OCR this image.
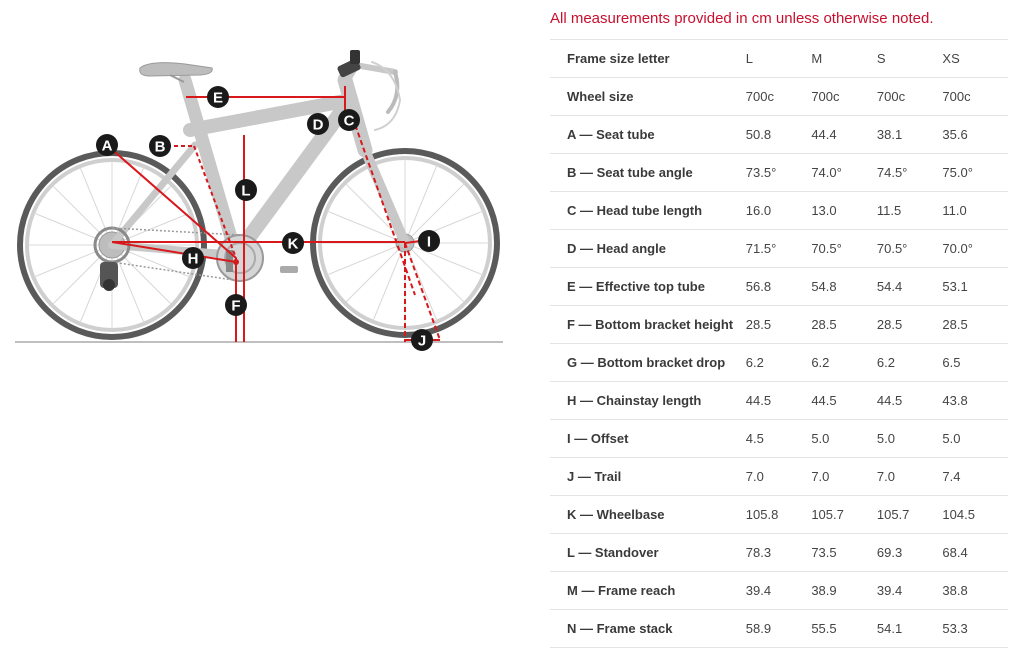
A	B
C
D
E
F
H
I
J
K
L
All measurements provided in cm unless otherwise noted.
Frame size letter	L	M	S	XS
Wheel size	700c	700c	700c	700c
A — Seat tube	50.8	44.4	38.1	35.6
B — Seat tube angle	73.5°	74.0°	74.5°	75.0°
C — Head tube length	16.0	13.0	11.5	11.0
D — Head angle	71.5°	70.5°	70.5°	70.0°
E — Effective top tube	56.8	54.8	54.4	53.1
F — Bottom bracket height	28.5	28.5	28.5	28.5
G — Bottom bracket drop	6.2	6.2	6.2	6.5
H — Chainstay length	44.5	44.5	44.5	43.8
I — Offset	4.5	5.0	5.0	5.0
J — Trail	7.0	7.0	7.0	7.4
K — Wheelbase	105.8	105.7	105.7	104.5
L — Standover	78.3	73.5	69.3	68.4
M — Frame reach	39.4	38.9	39.4	38.8
N — Frame stack	58.9	55.5	54.1	53.3
